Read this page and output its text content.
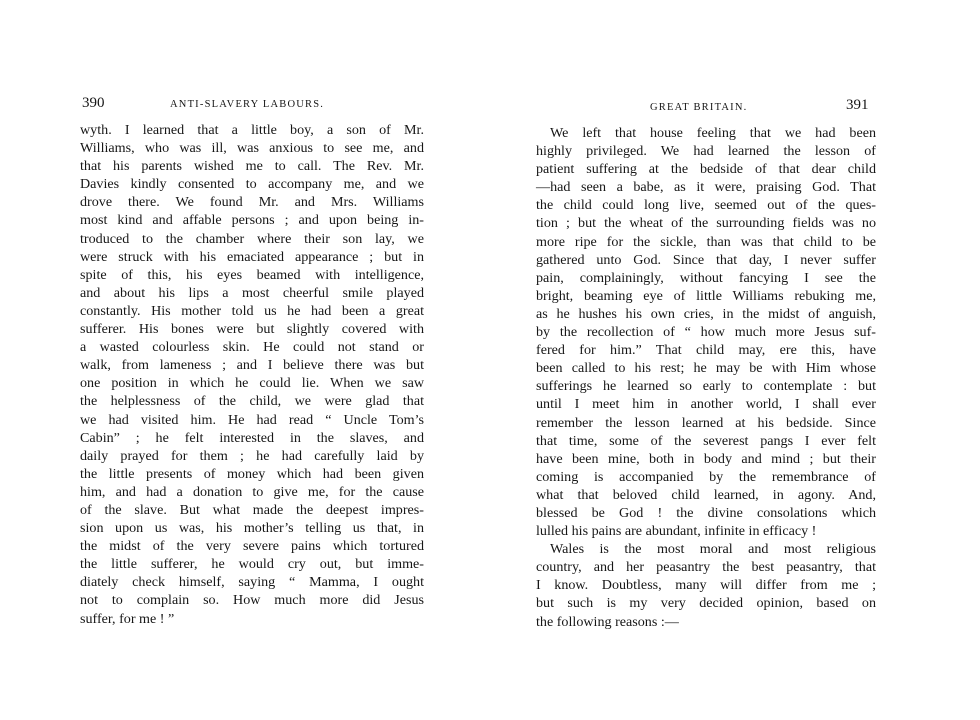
390	ANTI-SLAVERY LABOURS.
wyth. I learned that a little boy, a son of Mr.
Williams, who was ill, was anxious to see me, and
that his parents wished me to call. The Rev. Mr.
Davies kindly consented to accompany me, and we
drove there. We found Mr. and Mrs. Williams
most kind and affable persons ; and upon being in-
troduced to the chamber where their son lay, we
were struck with his emaciated appearance ; but in
spite of this, his eyes beamed with intelligence,
and about his lips a most cheerful smile played
constantly. His mother told us he had been a great
sufferer. His bones were but slightly covered with
a wasted colourless skin. He could not stand or
walk, from lameness ; and I believe there was but
one position in which he could lie. When we saw
the helplessness of the child, we were glad that
we had visited him. He had read “ Uncle Tom’s
Cabin” ; he felt interested in the slaves, and
daily prayed for them ; he had carefully laid by
the little presents of money which had been given
him, and had a donation to give me, for the cause
of the slave. But what made the deepest impres-
sion upon us was, his mother’s telling us that, in
the midst of the very severe pains which tortured
the little sufferer, he would cry out, but imme-
diately check himself, saying “ Mamma, I ought
not to complain so. How much more did Jesus
suffer, for me ! ”
GREAT BRITAIN.	391
We left that house feeling that we had been
highly privileged. We had learned the lesson of
patient suffering at the bedside of that dear child
—had seen a babe, as it were, praising God. That
the child could long live, seemed out of the ques-
tion ; but the wheat of the surrounding fields was no
more ripe for the sickle, than was that child to be
gathered unto God. Since that day, I never suffer
pain, complainingly, without fancying I see the
bright, beaming eye of little Williams rebuking me,
as he hushes his own cries, in the midst of anguish,
by the recollection of “ how much more Jesus suf-
fered for him.” That child may, ere this, have
been called to his rest; he may be with Him whose
sufferings he learned so early to contemplate : but
until I meet him in another world, I shall ever
remember the lesson learned at his bedside. Since
that time, some of the severest pangs I ever felt
have been mine, both in body and mind ; but their
coming is accompanied by the remembrance of
what that beloved child learned, in agony. And,
blessed be God ! the divine consolations which
lulled his pains are abundant, infinite in efficacy !
Wales is the most moral and most religious
country, and her peasantry the best peasantry, that
I know. Doubtless, many will differ from me ;
but such is my very decided opinion, based on
the following reasons :—
